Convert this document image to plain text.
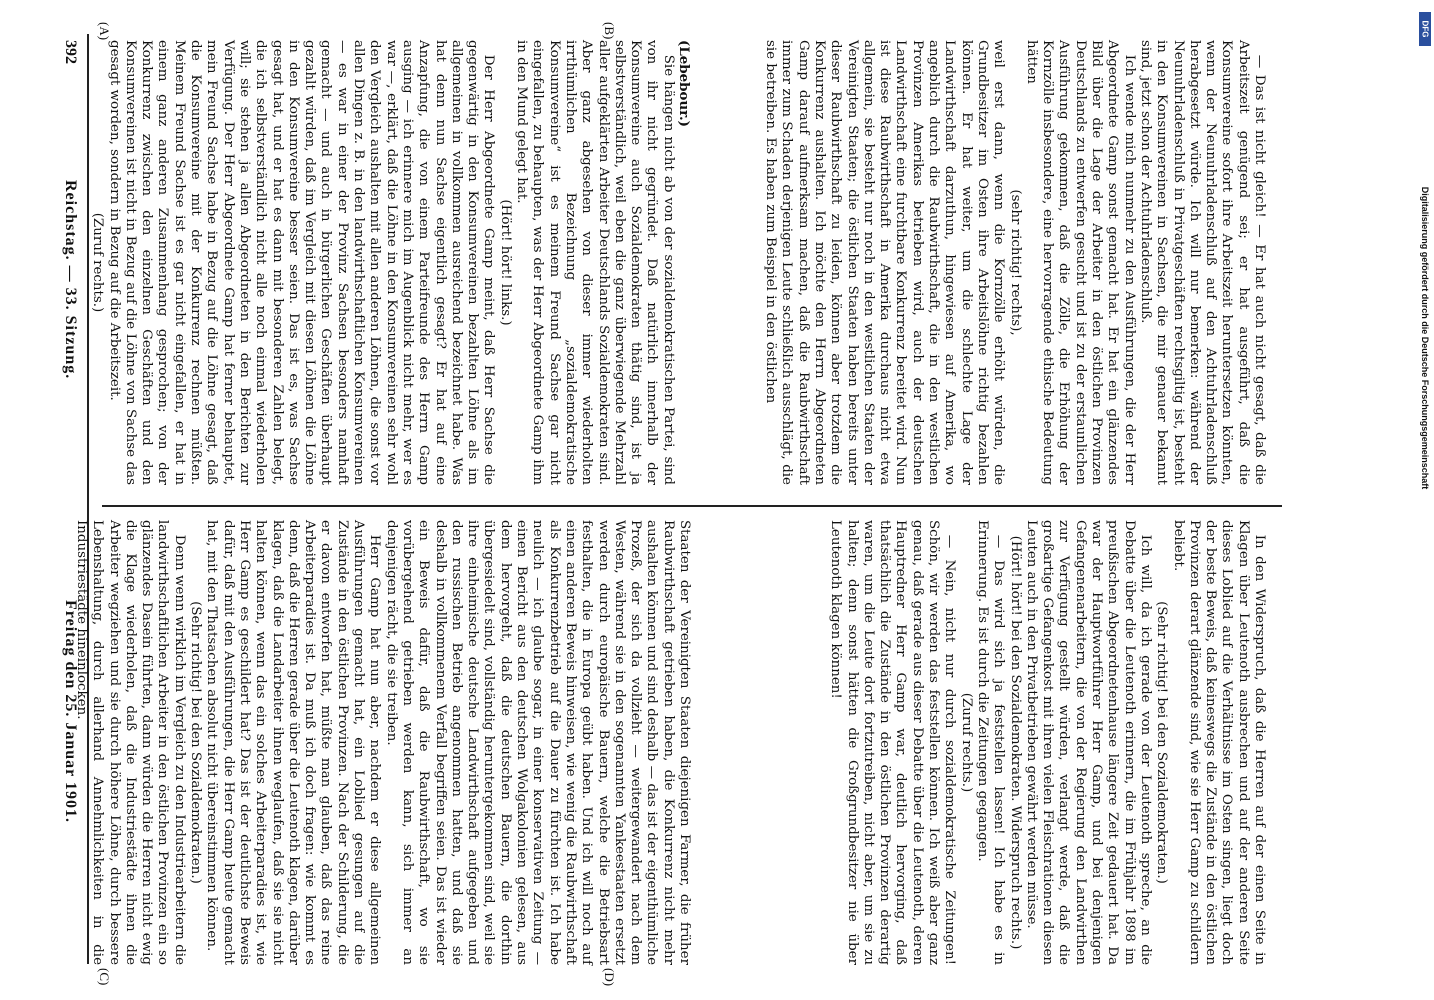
392
Reichstag. — 33. Sitzung.
Freitag den 25. Januar 1901.
(A)	(B)
(C)	(D)

(Lebebour.)

Sie hängen nicht ab von der sozialdemokratischen Partei, sind von ihr nicht gegründet. Daß natürlich innerhalb der Konsumvereine auch Sozialdemokraten thätig sind, ist ja selbstverständlich, weil eben die ganz überwiegende Mehrzahl aller aufgeklärten Arbeiter Deutschlands Sozialdemokraten sind. Aber ganz abgesehen von dieser immer wiederholten irrthümlichen Bezeichnung „sozialdemokratische Konsumvereine“ ist es meinem Freund Sachse gar nicht eingefallen, zu behaupten, was der Herr Abgeordnete Gamp ihm in den Mund gelegt hat.

(Hört! hört! links.)

Der Herr Abgeordnete Gamp meint, daß Herr Sachse die gegenwärtig in den Konsumvereinen bezahlten Löhne als im allgemeinen in vollkommen ausreichend bezeichnet habe. Was hat denn nun Sachse eigentlich gesagt? Er hat auf eine Anzapfung, die von einem Parteifreunde des Herrn Gamp ausging — ich erinnere mich im Augenblick nicht mehr, wer es war —, erklärt, daß die Löhne in den Konsumvereinen sehr wohl den Vergleich aushalten mit allen anderen Löhnen, die sonst vor allen Dingen z. B. in den landwirthschaftlichen Konsumvereinen — es war in einer der Provinz Sachsen besonders namhaft gemacht — und auch in bürgerlichen Geschäften überhaupt gezahlt würden, daß im Vergleich mit diesen Löhnen die Löhne in den Konsumvereine besser seien. Das ist es, was Sachse gesagt hat, und er hat es dann mit besonderen Zahlen belegt, die ich selbstverständlich nicht alle noch einmal wiederholen will; sie stehen ja allen Abgeordneten in den Berichten zur Verfügung. Der Herr Abgeordnete Gamp hat ferner behauptet, mein Freund Sachse habe in Bezug auf die Löhne gesagt, daß die Konsumvereine mit der Konkurrenz rechnen müßten. Meinem Freund Sachse ist es gar nicht eingefallen, er hat in einem ganz anderen Zusammenhang gesprochen; von der Konkurrenz zwischen den einzelnen Geschäften und den Konsumvereinen ist nicht in Bezug auf die Löhne von Sachse das gesagt worden, sondern in Bezug auf die Arbeitszeit.

(Zuruf rechts.)	— Das ist nicht gleich! — Er hat auch nicht gesagt, daß die Arbeitszeit genügend sei; er hat ausgeführt, daß die Konsumvereine sofort ihre Arbeitszeit heruntersetzen könnten, wenn der Neunuhrladenschluß auf den Achtuhrladenschluß herabgesetzt würde. Ich will nur bemerken: während der Neunuhrladenschluß in Privatgeschäften rechtsgiltig ist, besteht in den Konsumvereinen in Sachsen, die mir genauer bekannt sind, jetzt schon der Achtuhrladenschluß.

Ich wende mich nunmehr zu den Ausführungen, die der Herr Abgeordnete Gamp sonst gemacht hat. Er hat ein glänzendes Bild über die Lage der Arbeiter in den östlichen Provinzen Deutschlands zu entwerfen gesucht und ist zu der erstaunlichen Ausführung gekommen, daß die Zölle, die Erhöhung der Kornzölle insbesondere, eine hervorragende ethische Bedeutung hätten

(sehr richtig! rechts),

weil erst dann, wenn die Kornzölle erhöht würden, die Grundbesitzer im Osten ihre Arbeitslöhne richtig bezahlen können. Er hat weiter, um die schlechte Lage der Landwirthschaft darzuthun, hingewiesen auf Amerika, wo angeblich durch die Raubwirthschaft, die in den westlichen Provinzen Amerikas betrieben wird, auch der deutschen Landwirthschaft eine furchtbare Konkurrenz bereitet wird. Nun ist diese Raubwirthschaft in Amerika durchaus nicht etwa allgemein, sie besteht nur noch in den westlichen Staaten der Vereinigten Staaten; die östlichen Staaten haben bereits unter dieser Raubwirthschaft zu leiden, können aber trotzdem die Konkurrenz aushalten. Ich möchte den Herrn Abgeordneten Gamp darauf aufmerksam machen, daß die Raubwirthschaft immer zum Schaden derjenigen Leute schließlich ausschlägt, die sie betreiben. Es haben zum Beispiel in den östlichen

Staaten der Vereinigten Staaten diejenigen Farmer, die früher Raubwirthschaft getrieben haben, die Konkurrenz nicht mehr aushalten können und sind deshalb — das ist der eigenthümliche Prozeß, der sich da vollzieht — weitergewandert nach dem Westen, während sie in den sogenannten Yankeestaaten ersetzt werden durch europäische Bauern, welche die Betriebsart festhalten, die in Europa geübt haben. Und ich will noch auf einen anderen Beweis hinweisen, wie wenig die Raubwirthschaft als Konkurrenzbetrieb auf die Dauer zu fürchten ist. Ich habe neulich — ich glaube sogar, in einer konservativen Zeitung — einen Bericht aus den deutschen Wolgakolonien gelesen, aus dem hervorgeht, daß die deutschen Bauern, die dorthin übergesiedelt sind, vollständig heruntergekommen sind, weil sie ihre einheimische deutsche Landwirthschaft aufgegeben und den russischen Betrieb angenommen hatten, und daß sie deshalb in vollkommenem Verfall begriffen seien. Das ist wieder ein Beweis dafür, daß die Raubwirthschaft, wo sie vorübergehend getrieben werden kann, sich immer an denjenigen rächt, die sie treiben.

Herr Gamp hat nun aber, nachdem er diese allgemeinen Ausführungen gemacht hat, ein Loblied gesungen auf die Zustände in den östlichen Provinzen. Nach der Schilderung, die er davon entworfen hat, müßte man glauben, daß das reine Arbeiterparadies ist. Da muß ich doch fragen: wie kommt es denn, daß die Herren gerade über die Leutenoth klagen, darüber klagen, daß die Landarbeiter ihnen weglaufen, daß sie sie nicht halten können, wenn das ein solches Arbeiterparadies ist, wie Herr Gamp es geschildert hat? Das ist der deutlichste Beweis dafür, daß mit den Ausführungen, die Herr Gamp heute gemacht hat, mit den Thatsachen absolut nicht übereinstimmen können.

(Sehr richtig! bei den Sozialdemokraten.)

Denn wenn wirklich im Vergleich zu den Industriearbeitern die landwirthschaftlichen Arbeiter in den östlichen Provinzen ein so glänzendes Dasein führten, dann würden die Herren nicht ewig die Klage wiederholen, daß die Industriestädte ihnen die Arbeiter wegziehen und sie durch höhere Löhne, durch bessere Lebenshaltung, durch allerhand Annehmlichkeiten in die Industriestädte hineinlocken.	In den Widerspruch, daß die Herren auf der einen Seite in Klagen über Leutenoth ausbrechen und auf der anderen Seite dieses Loblied auf die Verhältnisse im Osten singen, liegt doch der beste Beweis, daß keineswegs die Zustände in den östlichen Provinzen derart glänzende sind, wie sie Herr Gamp zu schildern beliebt.

(Sehr richtig! bei den Sozialdemokraten.)

Ich will, da ich gerade von der Leutenoth spreche, an die Debatte über die Leutenoth erinnern, die im Frühjahr 1898 im preußischen Abgeordnetenhause längere Zeit gedauert hat. Da war der Hauptwortführer Herr Gamp, und bei denjenigen Gefangenenarbeitern, die von der Regierung den Landwirthen zur Verfügung gestellt würden, verlangt werde, daß die großartige Gefangenkost mit ihren vielen Fleischrationen diesen Leuten auch in den Privatbetrieben gewährt werden müsse.

(Hört! hört! bei den Sozialdemokraten. Widerspruch rechts.)

— Das wird sich ja feststellen lassen! Ich habe es in Erinnerung. Es ist durch die Zeitungen gegangen.

(Zuruf rechts.)

— Nein, nicht nur durch sozialdemokratische Zeitungen! Schön, wir werden das feststellen können. Ich weiß aber ganz genau, daß gerade aus dieser Debatte über die Leutenoth, deren Hauptredner Herr Gamp war, deutlich hervorging, daß thatsächlich die Zustände in den östlichen Provinzen derartig waren, um die Leute dort fortzutreiben, nicht aber, um sie zu halten; denn sonst hätten die Großgrundbesitzer nie über Leutenoth klagen können!

DFG
Digitalisierung gefördert durch die Deutsche Forschungsgemeinschaft
